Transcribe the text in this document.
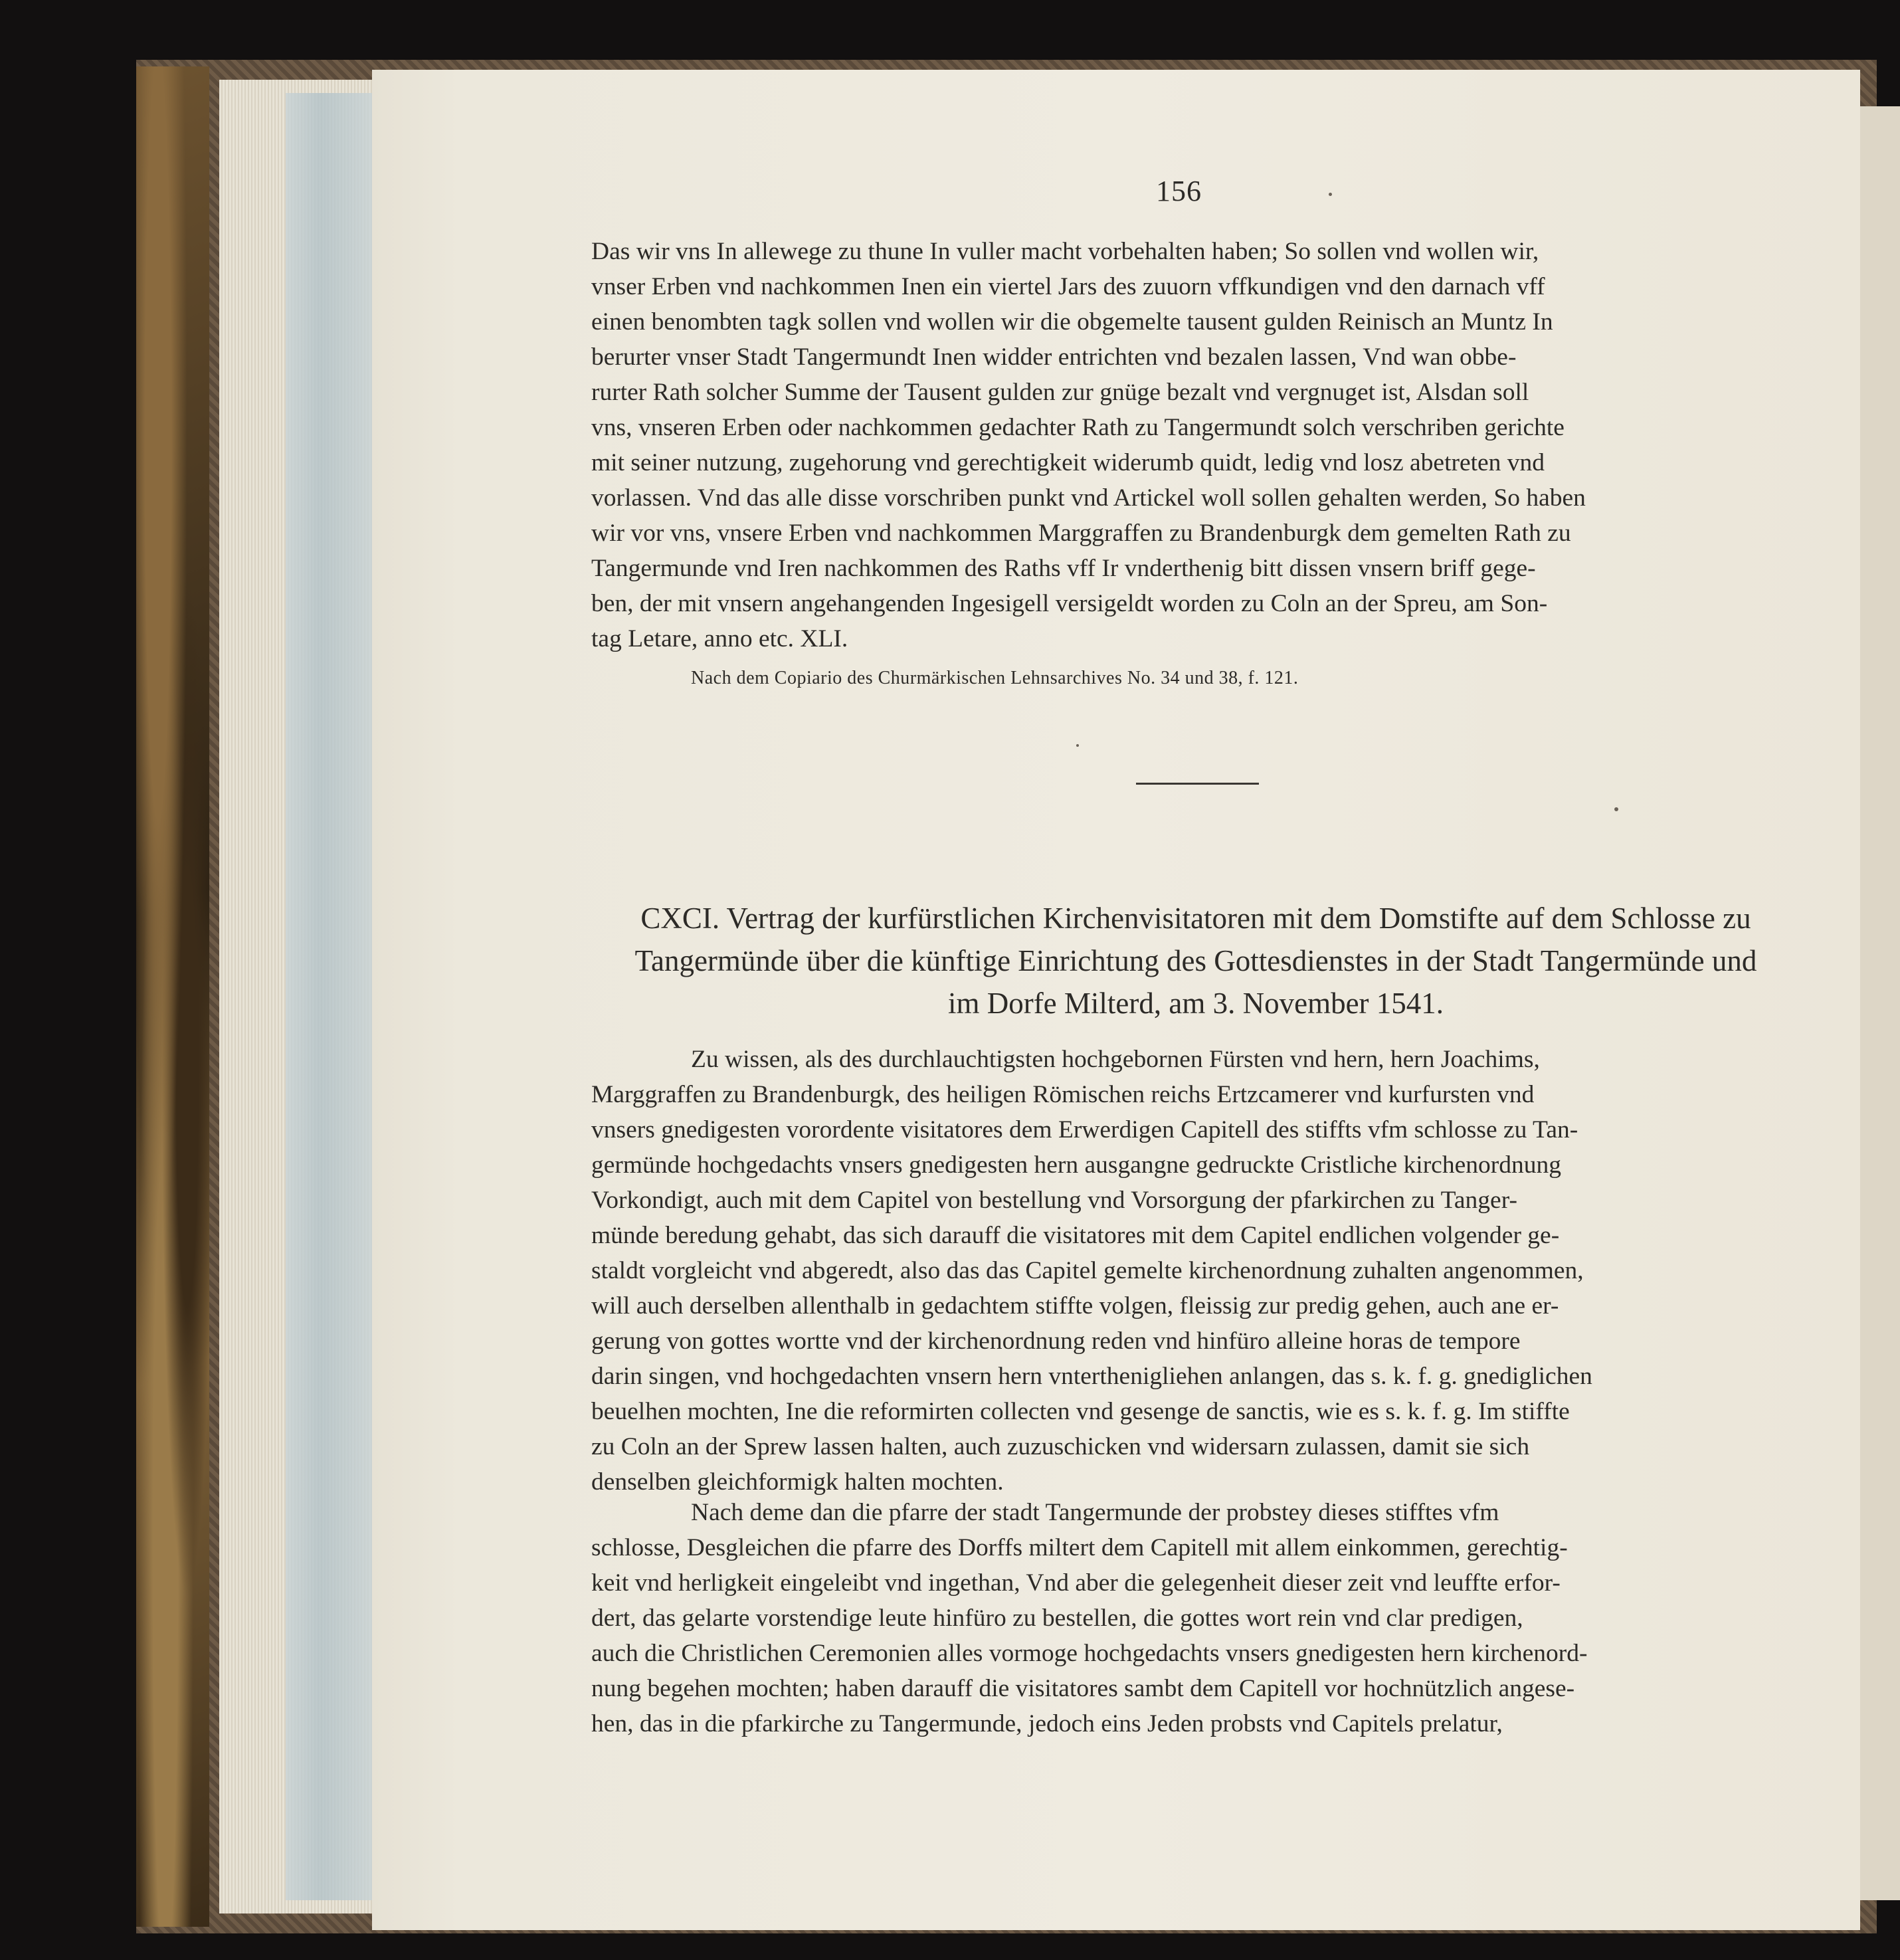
156
Das wir vns In allewege zu thune In vuller macht vorbehalten haben; So sollen vnd wollen wir,
vnser Erben vnd nachkommen Inen ein viertel Jars des zuuorn vffkundigen vnd den darnach vff
einen benombten tagk sollen vnd wollen wir die obgemelte tausent gulden Reinisch an Muntz In
berurter vnser Stadt Tangermundt Inen widder entrichten vnd bezalen lassen, Vnd wan obbe-
rurter Rath solcher Summe der Tausent gulden zur gnüge bezalt vnd vergnuget ist, Alsdan soll
vns, vnseren Erben oder nachkommen gedachter Rath zu Tangermundt solch verschriben gerichte
mit seiner nutzung, zugehorung vnd gerechtigkeit widerumb quidt, ledig vnd losz abetreten vnd
vorlassen. Vnd das alle disse vorschriben punkt vnd Artickel woll sollen gehalten werden, So haben
wir vor vns, vnsere Erben vnd nachkommen Marggraffen zu Brandenburgk dem gemelten Rath zu
Tangermunde vnd Iren nachkommen des Raths vff Ir vnderthenig bitt dissen vnsern briff gege-
ben, der mit vnsern angehangenden Ingesigell versigeldt worden zu Coln an der Spreu, am Son-
tag Letare, anno etc. XLI.
Nach dem Copiario des Churmärkischen Lehnsarchives No. 34 und 38, f. 121.
CXCI. Vertrag der kurfürstlichen Kirchenvisitatoren mit dem Domstifte auf dem Schlosse zu
Tangermünde über die künftige Einrichtung des Gottesdienstes in der Stadt Tangermünde und
im Dorfe Milterd, am 3. November 1541.
Zu wissen, als des durchlauchtigsten hochgebornen Fürsten vnd hern, hern Joachims,
Marggraffen zu Brandenburgk, des heiligen Römischen reichs Ertzcamerer vnd kurfursten vnd
vnsers gnedigesten vorordente visitatores dem Erwerdigen Capitell des stiffts vfm schlosse zu Tan-
germünde hochgedachts vnsers gnedigesten hern ausgangne gedruckte Cristliche kirchenordnung
Vorkondigt, auch mit dem Capitel von bestellung vnd Vorsorgung der pfarkirchen zu Tanger-
münde beredung gehabt, das sich darauff die visitatores mit dem Capitel endlichen volgender ge-
staldt vorgleicht vnd abgeredt, also das das Capitel gemelte kirchenordnung zuhalten angenommen,
will auch derselben allenthalb in gedachtem stiffte volgen, fleissig zur predig gehen, auch ane er-
gerung von gottes wortte vnd der kirchenordnung reden vnd hinfüro alleine horas de tempore
darin singen, vnd hochgedachten vnsern hern vnterthenigliehen anlangen, das s. k. f. g. gnediglichen
beuelhen mochten, Ine die reformirten collecten vnd gesenge de sanctis, wie es s. k. f. g. Im stiffte
zu Coln an der Sprew lassen halten, auch zuzuschicken vnd widersarn zulassen, damit sie sich
denselben gleichformigk halten mochten.
Nach deme dan die pfarre der stadt Tangermunde der probstey dieses stifftes vfm
schlosse, Desgleichen die pfarre des Dorffs miltert dem Capitell mit allem einkommen, gerechtig-
keit vnd herligkeit eingeleibt vnd ingethan, Vnd aber die gelegenheit dieser zeit vnd leuffte erfor-
dert, das gelarte vorstendige leute hinfüro zu bestellen, die gottes wort rein vnd clar predigen,
auch die Christlichen Ceremonien alles vormoge hochgedachts vnsers gnedigesten hern kirchenord-
nung begehen mochten; haben darauff die visitatores sambt dem Capitell vor hochnützlich angese-
hen, das in die pfarkirche zu Tangermunde, jedoch eins Jeden probsts vnd Capitels prelatur,
